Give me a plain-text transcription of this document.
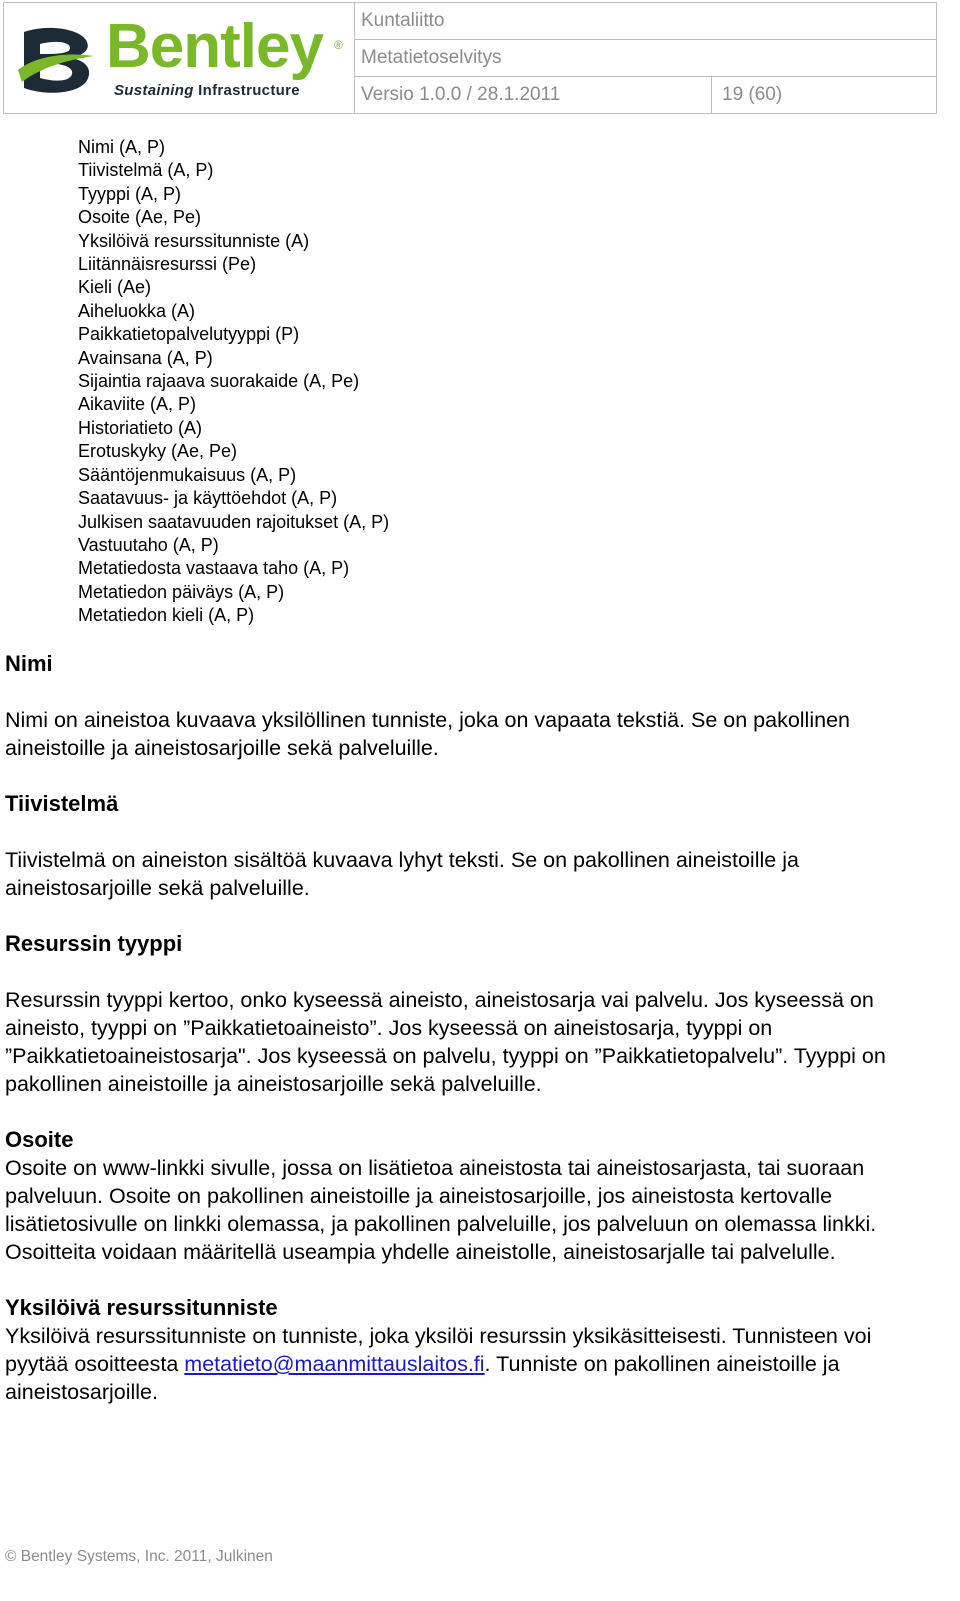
Bentley ®
Sustaining Infrastructure	Kuntaliitto	
	Metatietoselvitys	
	Versio 1.0.0 / 28.1.2011	19 (60)
Nimi (A, P)
Tiivistelmä (A, P)
Tyyppi (A, P)
Osoite (Ae, Pe)
Yksilöivä resurssitunniste (A)
Liitännäisresurssi (Pe)
Kieli (Ae)
Aiheluokka (A)
Paikkatietopalvelutyyppi (P)
Avainsana (A, P)
Sijaintia rajaava suorakaide (A, Pe)
Aikaviite (A, P)
Historiatieto (A)
Erotuskyky (Ae, Pe)
Sääntöjenmukaisuus (A, P)
Saatavuus- ja käyttöehdot (A, P)
Julkisen saatavuuden rajoitukset (A, P)
Vastuutaho (A, P)
Metatiedosta vastaava taho (A, P)
Metatiedon päiväys (A, P)
Metatiedon kieli (A, P)
Nimi

Nimi on aineistoa kuvaava yksilöllinen tunniste, joka on vapaata tekstiä. Se on pakollinen aineistoille ja aineistosarjoille sekä palveluille.

Tiivistelmä

Tiivistelmä on aineiston sisältöä kuvaava lyhyt teksti. Se on pakollinen aineistoille ja aineistosarjoille sekä palveluille.

Resurssin tyyppi

Resurssin tyyppi kertoo, onko kyseessä aineisto, aineistosarja vai palvelu. Jos kyseessä on aineisto, tyyppi on ”Paikkatietoaineisto”. Jos kyseessä on aineistosarja, tyyppi on ”Paikkatietoaineistosarja". Jos kyseessä on palvelu, tyyppi on ”Paikkatietopalvelu”. Tyyppi on pakollinen aineistoille ja aineistosarjoille sekä palveluille.

Osoite

Osoite on www-linkki sivulle, jossa on lisätietoa aineistosta tai aineistosarjasta, tai suoraan palveluun. Osoite on pakollinen aineistoille ja aineistosarjoille, jos aineistosta kertovalle lisätietosivulle on linkki olemassa, ja pakollinen palveluille, jos palveluun on olemassa linkki. Osoitteita voidaan määritellä useampia yhdelle aineistolle, aineistosarjalle tai palvelulle.

Yksilöivä resurssitunniste

Yksilöivä resurssitunniste on tunniste, joka yksilöi resurssin yksikäsitteisesti. Tunnisteen voi pyytää osoitteesta metatieto@maanmittauslaitos.fi. Tunniste on pakollinen aineistoille ja aineistosarjoille.

© Bentley Systems, Inc. 2011, Julkinen
